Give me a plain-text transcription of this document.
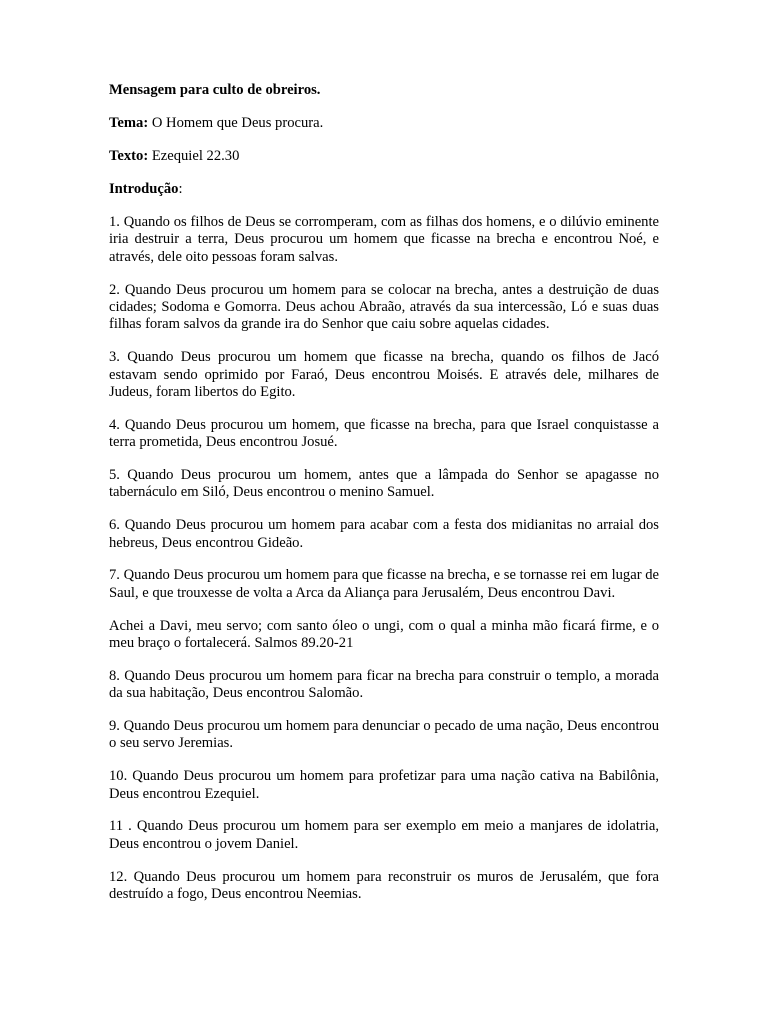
Mensagem para culto de obreiros.
Tema: O Homem que Deus procura.
Texto: Ezequiel 22.30
Introdução:
1. Quando os filhos de Deus se corromperam, com as filhas dos homens, e o dilúvio eminente iria destruir a terra, Deus procurou um homem que ficasse na brecha e encontrou Noé, e através, dele oito pessoas foram salvas.
2. Quando Deus procurou um homem para se colocar na brecha, antes a destruição de duas cidades; Sodoma e Gomorra. Deus achou Abraão, através da sua intercessão, Ló e suas duas filhas foram salvos da grande ira do Senhor que caiu sobre aquelas cidades.
3. Quando Deus procurou um homem que ficasse na brecha, quando os filhos de Jacó estavam sendo oprimido por Faraó, Deus encontrou Moisés. E através dele, milhares de Judeus, foram libertos do Egito.
4. Quando Deus procurou um homem, que ficasse na brecha, para que Israel conquistasse a terra prometida, Deus encontrou Josué.
5. Quando Deus procurou um homem, antes que a lâmpada do Senhor se apagasse no tabernáculo em Siló, Deus encontrou o menino Samuel.
6. Quando Deus procurou um homem para acabar com a festa dos midianitas no arraial dos hebreus, Deus encontrou Gideão.
7. Quando Deus procurou um homem para que ficasse na brecha, e se tornasse rei em lugar de Saul, e que trouxesse de volta a Arca da Aliança para Jerusalém, Deus encontrou Davi.
Achei a Davi, meu servo; com santo óleo o ungi, com o qual a minha mão ficará firme, e o meu braço o fortalecerá. Salmos 89.20-21
8. Quando Deus procurou um homem para ficar na brecha para construir o templo, a morada da sua habitação, Deus encontrou Salomão.
9. Quando Deus procurou um homem para denunciar o pecado de uma nação, Deus encontrou o seu servo Jeremias.
10. Quando Deus procurou um homem para profetizar para uma nação cativa na Babilônia, Deus encontrou Ezequiel.
11 . Quando Deus procurou um homem para ser exemplo em meio a manjares de idolatria, Deus encontrou o jovem Daniel.
12. Quando Deus procurou um homem para reconstruir os muros de Jerusalém, que fora destruído a fogo, Deus encontrou Neemias.
